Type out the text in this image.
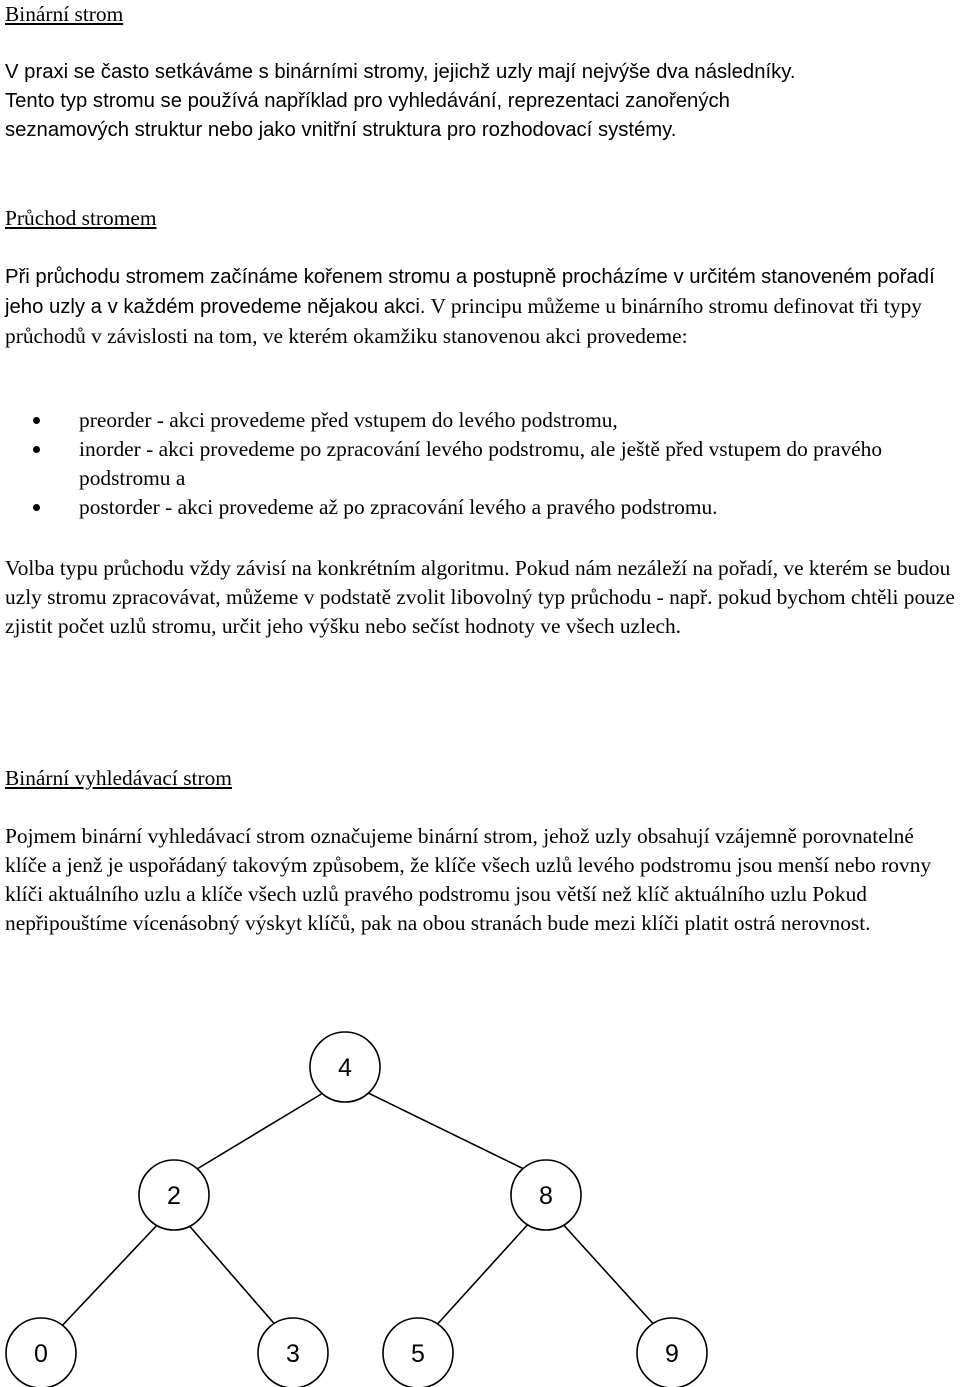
Binární strom
V praxi se často setkáváme s binárními stromy, jejichž uzly mají nejvýše dva následníky.
Tento typ stromu se používá například pro vyhledávání, reprezentaci zanořených
seznamových struktur nebo jako vnitřní struktura pro rozhodovací systémy.
Průchod stromem

Při průchodu stromem začínáme kořenem stromu a postupně procházíme v určitém stanoveném pořadí jeho uzly a v každém provedeme nějakou akci. V principu můžeme u binárního stromu definovat tři typy průchodů v závislosti na tom, ve kterém okamžiku stanovenou akci provedeme:

preorder - akci provedeme před vstupem do levého podstromu,
inorder - akci provedeme po zpracování levého podstromu, ale ještě před vstupem do pravého podstromu a
postorder - akci provedeme až po zpracování levého a pravého podstromu.

Volba typu průchodu vždy závisí na konkrétním algoritmu. Pokud nám nezáleží na pořadí, ve kterém se budou uzly stromu zpracovávat, můžeme v podstatě zvolit libovolný typ průchodu - např. pokud bychom chtěli pouze zjistit počet uzlů stromu, určit jeho výšku nebo sečíst hodnoty ve všech uzlech.

Binární vyhledávací strom

Pojmem binární vyhledávací strom označujeme binární strom, jehož uzly obsahují vzájemně porovnatelné klíče a jenž je uspořádaný takovým způsobem, že klíče všech uzlů levého podstromu jsou menší nebo rovny klíči aktuálního uzlu a klíče všech uzlů pravého podstromu jsou větší než klíč aktuálního uzlu Pokud nepřipouštíme vícenásobný výskyt klíčů, pak na obou stranách bude mezi klíči platit ostrá nerovnost.

4
2	8
0	3	5	9
